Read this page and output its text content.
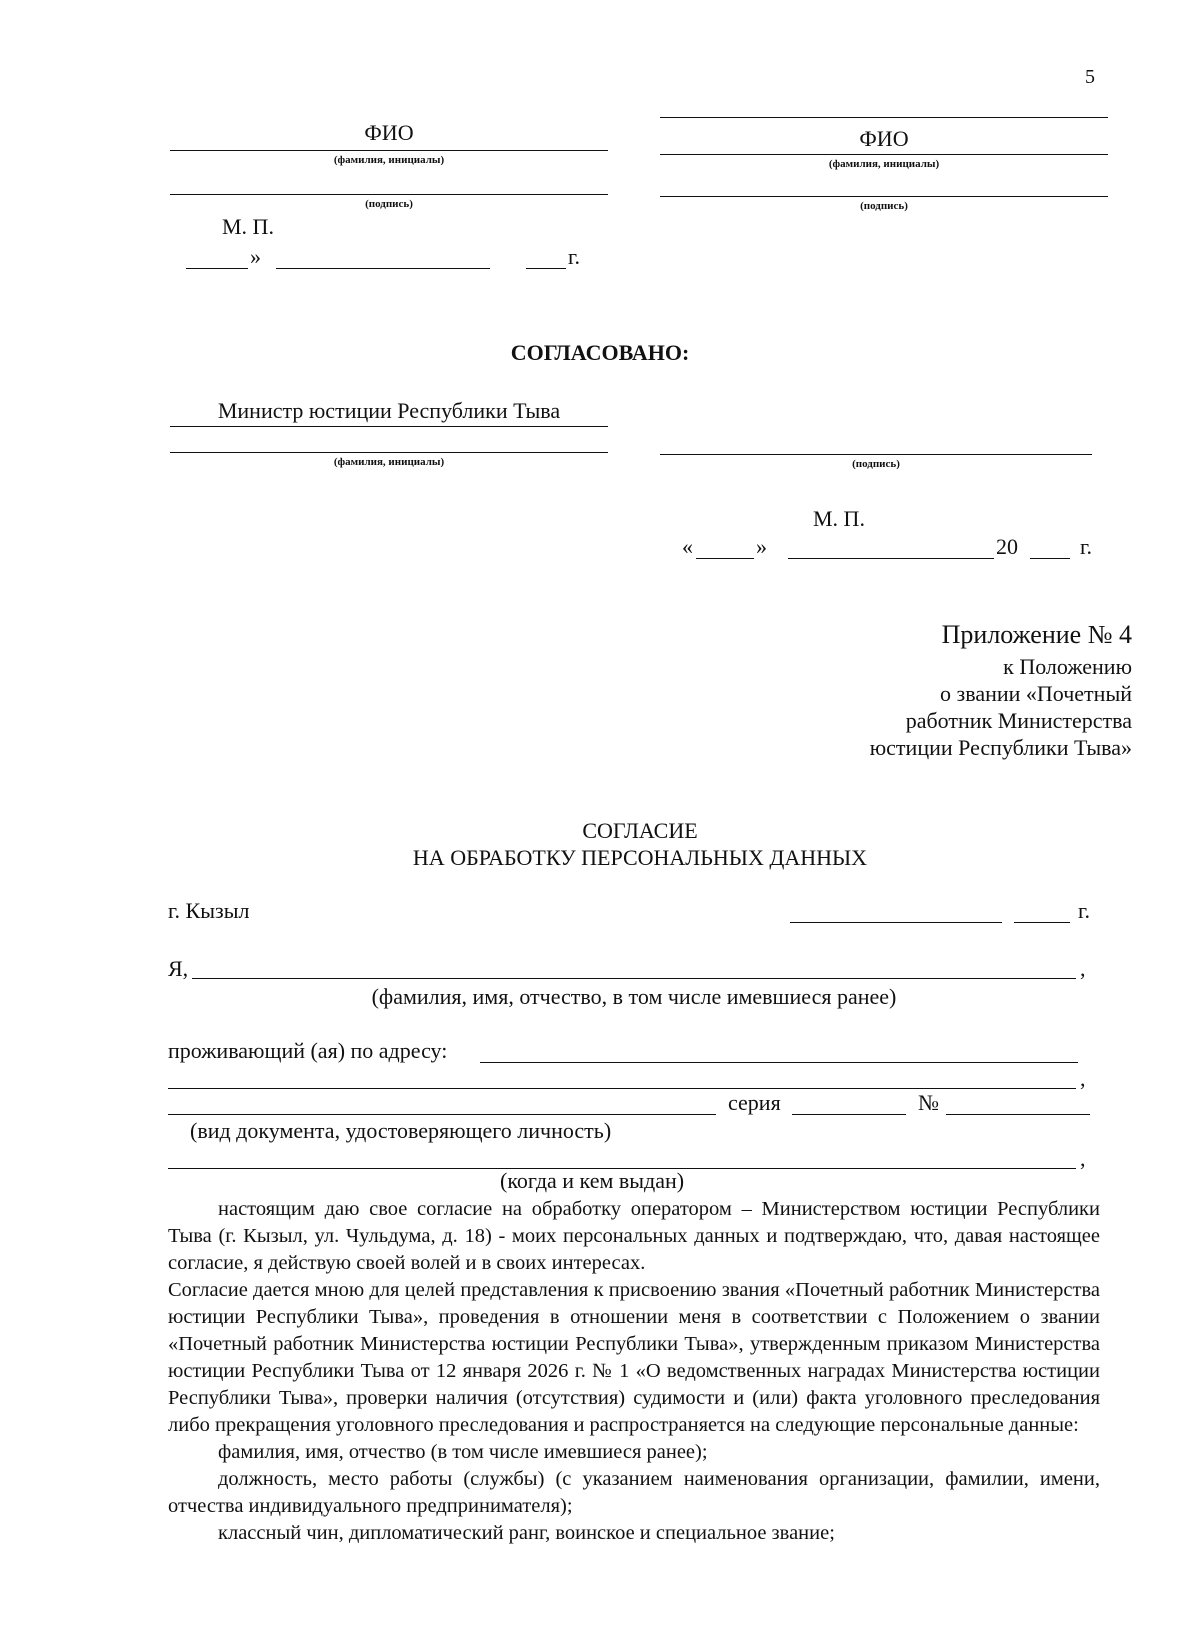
5
ФИО
(фамилия, инициалы)
(подпись)
М. П.
»	г.
ФИО
(фамилия, инициалы)
(подпись)
СОГЛАСОВАНО:
Министр юстиции Республики Тыва
(фамилия, инициалы)	(подпись)
М. П.
«	»	20	г.
Приложение № 4
к Положению
о звании «Почетный
работник Министерства
юстиции Республики Тыва»
СОГЛАСИЕ
НА ОБРАБОТКУ ПЕРСОНАЛЬНЫХ ДАННЫХ
г. Кызыл	г.
Я,	,
(фамилия, имя, отчество, в том числе имевшиеся ранее)
проживающий (ая) по адресу:
,
серия	№
(вид документа, удостоверяющего личность)
,
(когда и кем выдан)

настоящим даю свое согласие на обработку оператором – Министерством юстиции Республики Тыва (г. Кызыл, ул. Чульдума, д. 18) - моих персональных данных и подтверждаю, что, давая настоящее согласие, я действую своей волей и в своих интересах.

Согласие дается мною для целей представления к присвоению звания «Почетный работник Министерства юстиции Республики Тыва», проведения в отношении меня в соответствии с Положением о звании «Почетный работник Министерства юстиции Республики Тыва», утвержденным приказом Министерства юстиции Республики Тыва от 12 января 2026 г. № 1 «О ведомственных наградах Министерства юстиции Республики Тыва», проверки наличия (отсутствия) судимости и (или) факта уголовного преследования либо прекращения уголовного преследования и распространяется на следующие персональные данные:

фамилия, имя, отчество (в том числе имевшиеся ранее);

должность, место работы (службы) (с указанием наименования организации, фамилии, имени, отчества индивидуального предпринимателя);

классный чин, дипломатический ранг, воинское и специальное звание;
